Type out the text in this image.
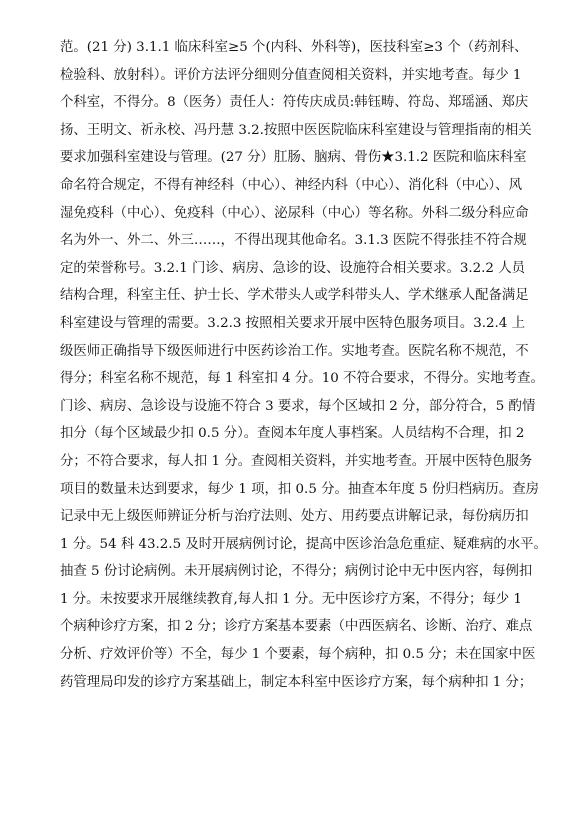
范。(21 分) 3.1.1 临床科室≥5 个(内科、外科等)，医技科室≥3 个（药剂科、
检验科、放射科）。评价方法评分细则分值查阅相关资料，并实地考查。每少 1
个科室，不得分。8（医务）责任人：符传庆成员:韩钰畴、符岛、郑瑶涵、郑庆
扬、王明文、祈永校、冯丹慧 3.2.按照中医医院临床科室建设与管理指南的相关
要求加强科室建设与管理。(27 分）肛肠、脑病、骨伤★3.1.2 医院和临床科室
命名符合规定，不得有神经科（中心）、神经内科（中心）、消化科（中心）、风
湿免疫科（中心）、免疫科（中心）、泌尿科（中心）等名称。外科二级分科应命
名为外一、外二、外三……，不得出现其他命名。3.1.3 医院不得张挂不符合规
定的荣誉称号。3.2.1 门诊、病房、急诊的设、设施符合相关要求。3.2.2 人员
结构合理，科室主任、护士长、学术带头人或学科带头人、学术继承人配备满足
科室建设与管理的需要。3.2.3 按照相关要求开展中医特色服务项目。3.2.4 上
级医师正确指导下级医师进行中医药诊治工作。实地考查。医院名称不规范，不
得分；科室名称不规范，每 1 科室扣 4 分。10 不符合要求，不得分。实地考查。
门诊、病房、急诊设与设施不符合 3 要求，每个区域扣 2 分，部分符合，5 酌情
扣分（每个区域最少扣 0.5 分）。查阅本年度人事档案。人员结构不合理，扣 2
分；不符合要求，每人扣 1 分。查阅相关资料，并实地考查。开展中医特色服务
项目的数量未达到要求，每少 1 项，扣 0.5 分。抽查本年度 5 份归档病历。查房
记录中无上级医师辨证分析与治疗法则、处方、用药要点讲解记录，每份病历扣
1 分。54 科 43.2.5 及时开展病例讨论，提高中医诊治急危重症、疑难病的水平。
抽查 5 份讨论病例。未开展病例讨论，不得分；病例讨论中无中医内容，每例扣
1 分。未按要求开展继续教育,每人扣 1 分。无中医诊疗方案，不得分；每少 1
个病种诊疗方案，扣 2 分；诊疗方案基本要素（中西医病名、诊断、治疗、难点
分析、疗效评价等）不全，每少 1 个要素，每个病种，扣 0.5 分；未在国家中医
药管理局印发的诊疗方案基础上，制定本科室中医诊疗方案，每个病种扣 1 分；
